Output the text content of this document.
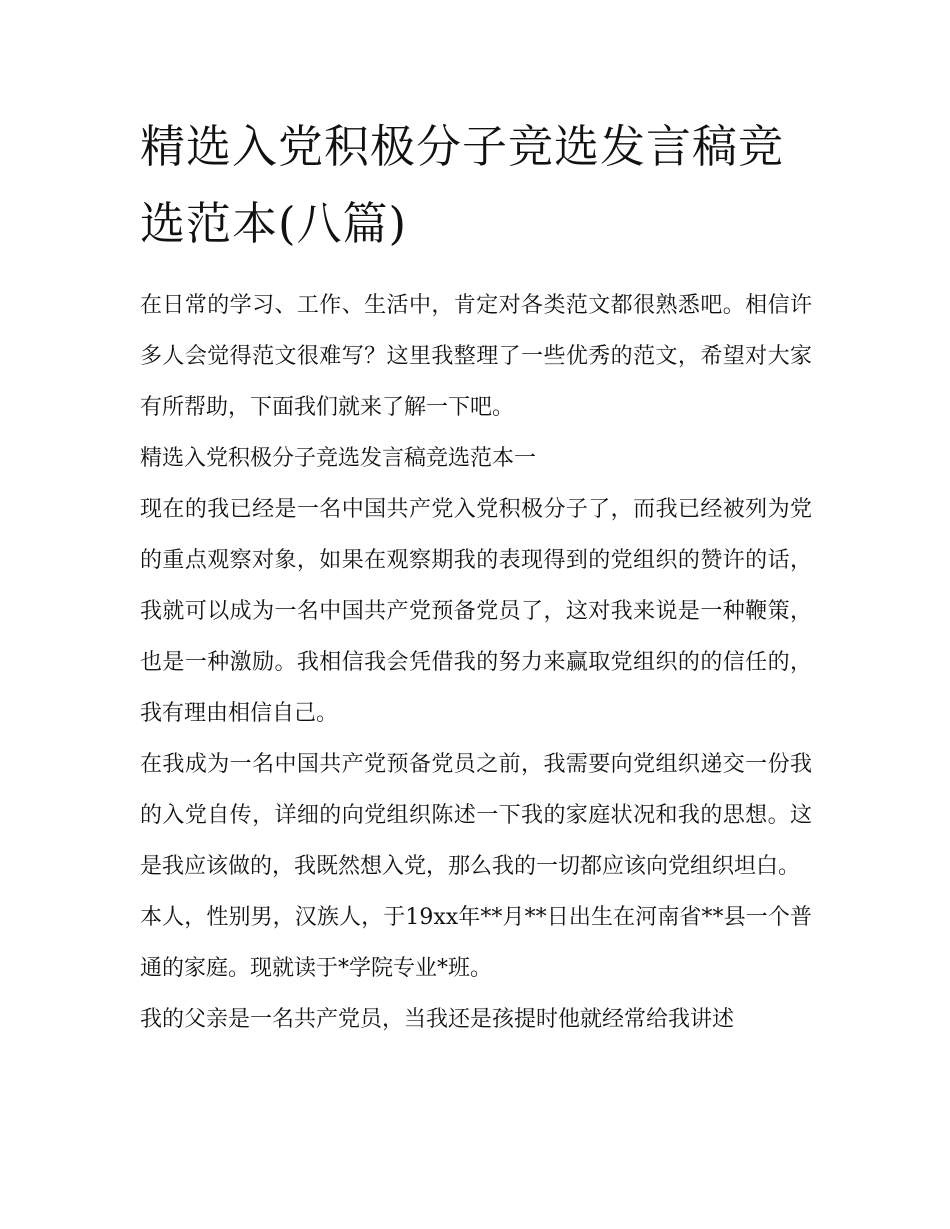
精选入党积极分子竞选发言稿竞选范本(八篇)

在日常的学习、工作、生活中，肯定对各类范文都很熟悉吧。相信许多人会觉得范文很难写？这里我整理了一些优秀的范文，希望对大家有所帮助，下面我们就来了解一下吧。

精选入党积极分子竞选发言稿竞选范本一

现在的我已经是一名中国共产党入党积极分子了，而我已经被列为党的重点观察对象，如果在观察期我的表现得到的党组织的赞许的话，我就可以成为一名中国共产党预备党员了，这对我来说是一种鞭策，也是一种激励。我相信我会凭借我的努力来赢取党组织的的信任的，我有理由相信自己。

在我成为一名中国共产党预备党员之前，我需要向党组织递交一份我的入党自传，详细的向党组织陈述一下我的家庭状况和我的思想。这是我应该做的，我既然想入党，那么我的一切都应该向党组织坦白。

本人，性别男，汉族人，于19xx年**月**日出生在河南省**县一个普通的家庭。现就读于*学院专业*班。

我的父亲是一名共产党员，当我还是孩提时他就经常给我讲述
